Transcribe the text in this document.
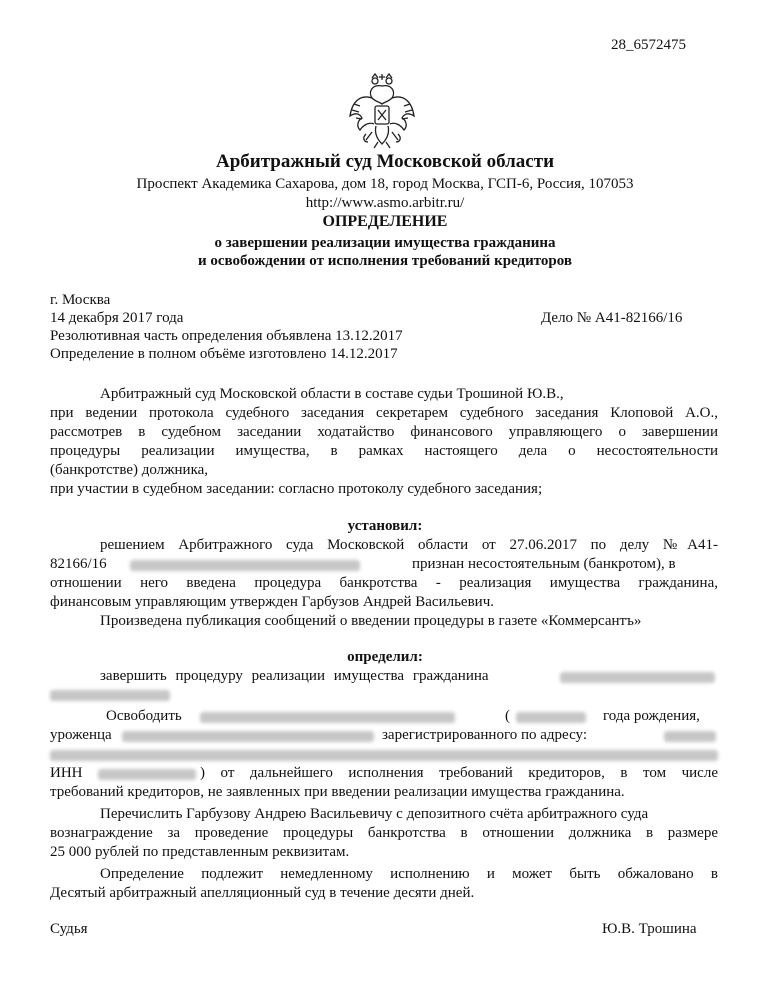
28_6572475
Арбитражный суд Московской области
Проспект Академика Сахарова, дом 18, город Москва, ГСП-6, Россия, 107053
http://www.asmo.arbitr.ru/
ОПРЕДЕЛЕНИЕ
о завершении реализации имущества гражданина
и освобождении от исполнения требований кредиторов
г. Москва
14 декабря 2017 года	Дело № А41-82166/16
Резолютивная часть определения объявлена 13.12.2017
Определение в полном объёме изготовлено 14.12.2017
Арбитражный суд Московской области в составе судьи Трошиной Ю.В.,
при ведении протокола судебного заседания секретарем судебного заседания Клоповой А.О.,
рассмотрев в судебном заседании ходатайство финансового управляющего о завершении
процедуры реализации имущества, в рамках настоящего дела о несостоятельности
(банкротстве) должника,
при участии в судебном заседании: согласно протоколу судебного заседания;
установил:
решением Арбитражного суда Московской области от 27.06.2017 по делу №А41-
82166/16	признан несостоятельным (банкротом), в
отношении него введена процедура банкротства - реализация имущества гражданина,
финансовым управляющим утвержден Гарбузов Андрей Васильевич.
Произведена публикация сообщений о введении процедуры в газете «Коммерсантъ»
определил:
завершить процедуру реализации имущества гражданина
Освободить	(	года рождения,
уроженца	зарегистрированного по адресу:
ИНН	) от дальнейшего исполнения требований кредиторов, в том числе
требований кредиторов, не заявленных при введении реализации имущества гражданина.
Перечислить Гарбузову Андрею Васильевичу с депозитного счёта арбитражного суда
вознаграждение за проведение процедуры банкротства в отношении должника в размере
25 000 рублей по представленным реквизитам.
Определение подлежит немедленному исполнению и может быть обжаловано в
Десятый арбитражный апелляционный суд в течение десяти дней.
Судья	Ю.В. Трошина
